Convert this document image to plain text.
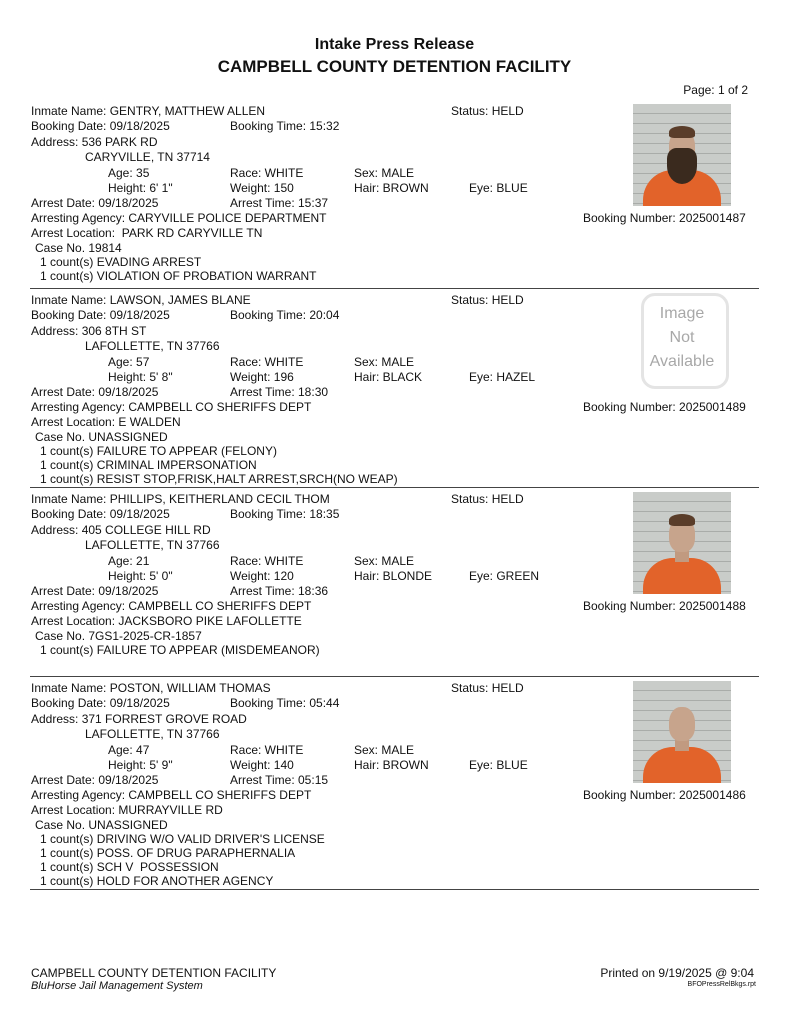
Intake Press Release
CAMPBELL COUNTY DETENTION FACILITY
Page: 1 of 2
Inmate Name: GENTRY, MATTHEW ALLEN	Status: HELD
Booking Date: 09/18/2025	Booking Time: 15:32
Address: 536 PARK RD
CARYVILLE, TN 37714
Age: 35	Race: WHITE	Sex: MALE
Height: 6' 1"	Weight: 150	Hair: BROWN	Eye: BLUE
Arrest Date: 09/18/2025	Arrest Time: 15:37
Arresting Agency: CARYVILLE POLICE DEPARTMENT	Booking Number: 2025001487
Arrest Location:  PARK RD CARYVILLE TN
Case No. 19814
1 count(s) EVADING ARREST
1 count(s) VIOLATION OF PROBATION WARRANT
Inmate Name: LAWSON, JAMES BLANE	Status: HELD
Booking Date: 09/18/2025	Booking Time: 20:04
Address: 306 8TH ST
LAFOLLETTE, TN 37766
Age: 57	Race: WHITE	Sex: MALE
Height: 5' 8"	Weight: 196	Hair: BLACK	Eye: HAZEL
Arrest Date: 09/18/2025	Arrest Time: 18:30
Arresting Agency: CAMPBELL CO SHERIFFS DEPT	Booking Number: 2025001489
Arrest Location: E WALDEN
Case No. UNASSIGNED
1 count(s) FAILURE TO APPEAR (FELONY)
1 count(s) CRIMINAL IMPERSONATION
1 count(s) RESIST STOP,FRISK,HALT ARREST,SRCH(NO WEAP)
Image
Not
Available
Inmate Name: PHILLIPS, KEITHERLAND CECIL THOM	Status: HELD
Booking Date: 09/18/2025	Booking Time: 18:35
Address: 405 COLLEGE HILL RD
LAFOLLETTE, TN 37766
Age: 21	Race: WHITE	Sex: MALE
Height: 5' 0"	Weight: 120	Hair: BLONDE	Eye: GREEN
Arrest Date: 09/18/2025	Arrest Time: 18:36
Arresting Agency: CAMPBELL CO SHERIFFS DEPT	Booking Number: 2025001488
Arrest Location: JACKSBORO PIKE LAFOLLETTE
Case No. 7GS1-2025-CR-1857
1 count(s) FAILURE TO APPEAR (MISDEMEANOR)
Inmate Name: POSTON, WILLIAM THOMAS	Status: HELD
Booking Date: 09/18/2025	Booking Time: 05:44
Address: 371 FORREST GROVE ROAD
LAFOLLETTE, TN 37766
Age: 47	Race: WHITE	Sex: MALE
Height: 5' 9"	Weight: 140	Hair: BROWN	Eye: BLUE
Arrest Date: 09/18/2025	Arrest Time: 05:15
Arresting Agency: CAMPBELL CO SHERIFFS DEPT	Booking Number: 2025001486
Arrest Location: MURRAYVILLE RD
Case No. UNASSIGNED
1 count(s) DRIVING W/O VALID DRIVER'S LICENSE
1 count(s) POSS. OF DRUG PARAPHERNALIA
1 count(s) SCH V  POSSESSION
1 count(s) HOLD FOR ANOTHER AGENCY
CAMPBELL COUNTY DETENTION FACILITY
BluHorse Jail Management System
Printed on 9/19/2025 @ 9:04
BFOPressRelBkgs.rpt
